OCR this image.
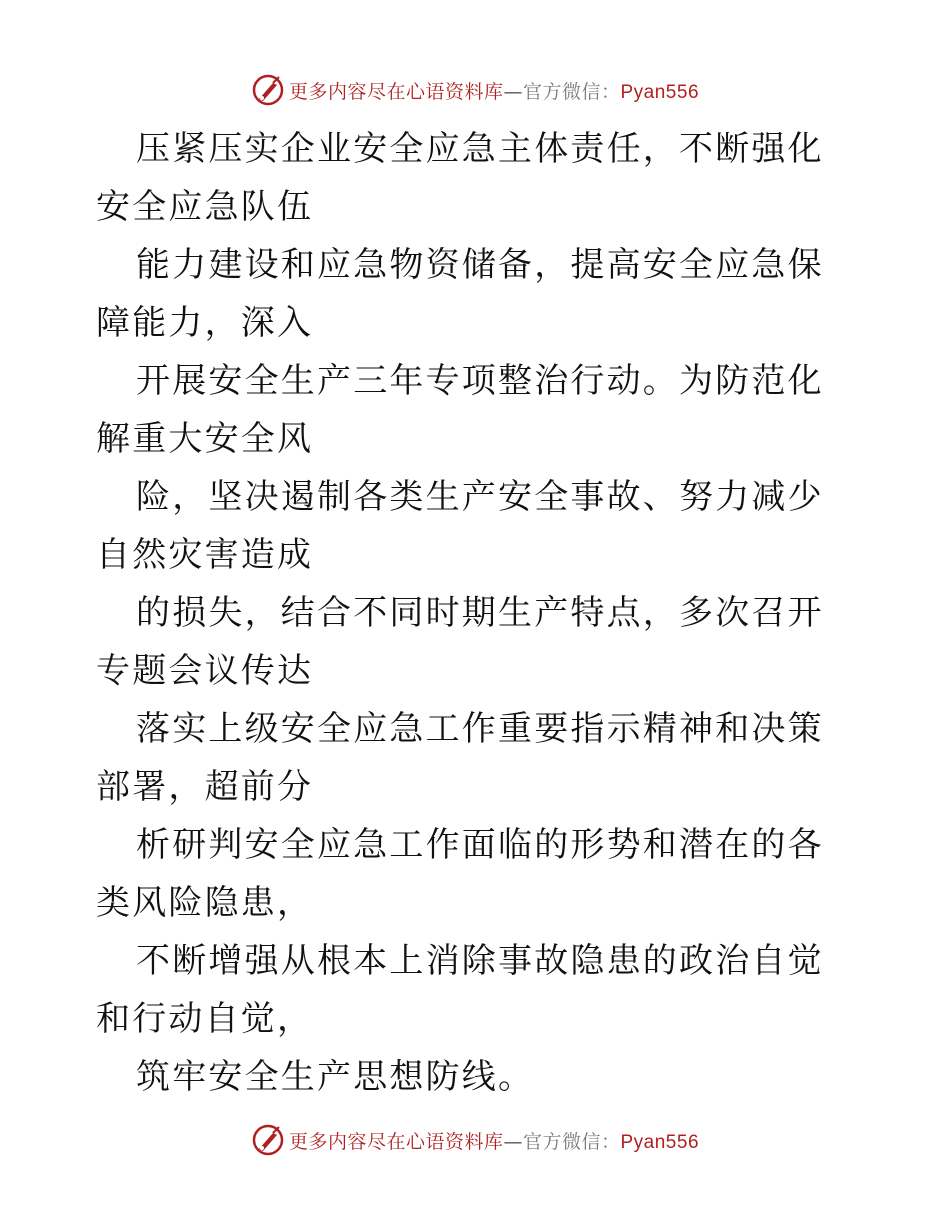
更多内容尽在心语资料库—官方微信：Pyan556

压紧压实企业安全应急主体责任，不断强化安全应急队伍

能力建设和应急物资储备，提高安全应急保障能力，深入

开展安全生产三年专项整治行动。为防范化解重大安全风

险，坚决遏制各类生产安全事故、努力减少自然灾害造成

的损失，结合不同时期生产特点，多次召开专题会议传达

落实上级安全应急工作重要指示精神和决策部署，超前分

析研判安全应急工作面临的形势和潜在的各类风险隐患，

不断增强从根本上消除事故隐患的政治自觉和行动自觉，

筑牢安全生产思想防线。

更多内容尽在心语资料库—官方微信：Pyan556
